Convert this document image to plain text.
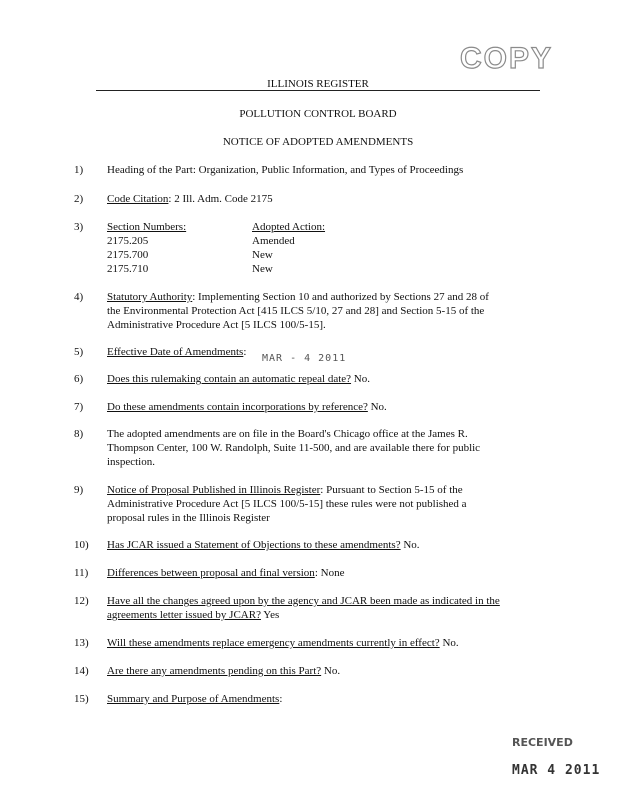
COPY
ILLINOIS REGISTER
POLLUTION CONTROL BOARD
NOTICE OF ADOPTED AMENDMENTS
1) Heading of the Part: Organization, Public Information, and Types of Proceedings
2) Code Citation: 2 Ill. Adm. Code 2175
3) Section Numbers:	Adopted Action:
2175.205	Amended
2175.700	New
2175.710	New
4) Statutory Authority: Implementing Section 10 and authorized by Sections 27 and 28 of
the Environmental Protection Act [415 ILCS 5/10, 27 and 28] and Section 5-15 of the
Administrative Procedure Act [5 ILCS 100/5-15].
5) Effective Date of Amendments:
MAR - 4 2011
6) Does this rulemaking contain an automatic repeal date? No.
7) Do these amendments contain incorporations by reference? No.
8) The adopted amendments are on file in the Board's Chicago office at the James R.
Thompson Center, 100 W. Randolph, Suite 11-500, and are available there for public
inspection.
9) Notice of Proposal Published in Illinois Register: Pursuant to Section 5-15 of the
Administrative Procedure Act [5 ILCS 100/5-15] these rules were not published a
proposal rules in the Illinois Register
10) Has JCAR issued a Statement of Objections to these amendments? No.
11) Differences between proposal and final version: None
12) Have all the changes agreed upon by the agency and JCAR been made as indicated in the
agreements letter issued by JCAR? Yes
13) Will these amendments replace emergency amendments currently in effect? No.
14) Are there any amendments pending on this Part? No.
15) Summary and Purpose of Amendments:
RECEIVED
MAR 4 2011
